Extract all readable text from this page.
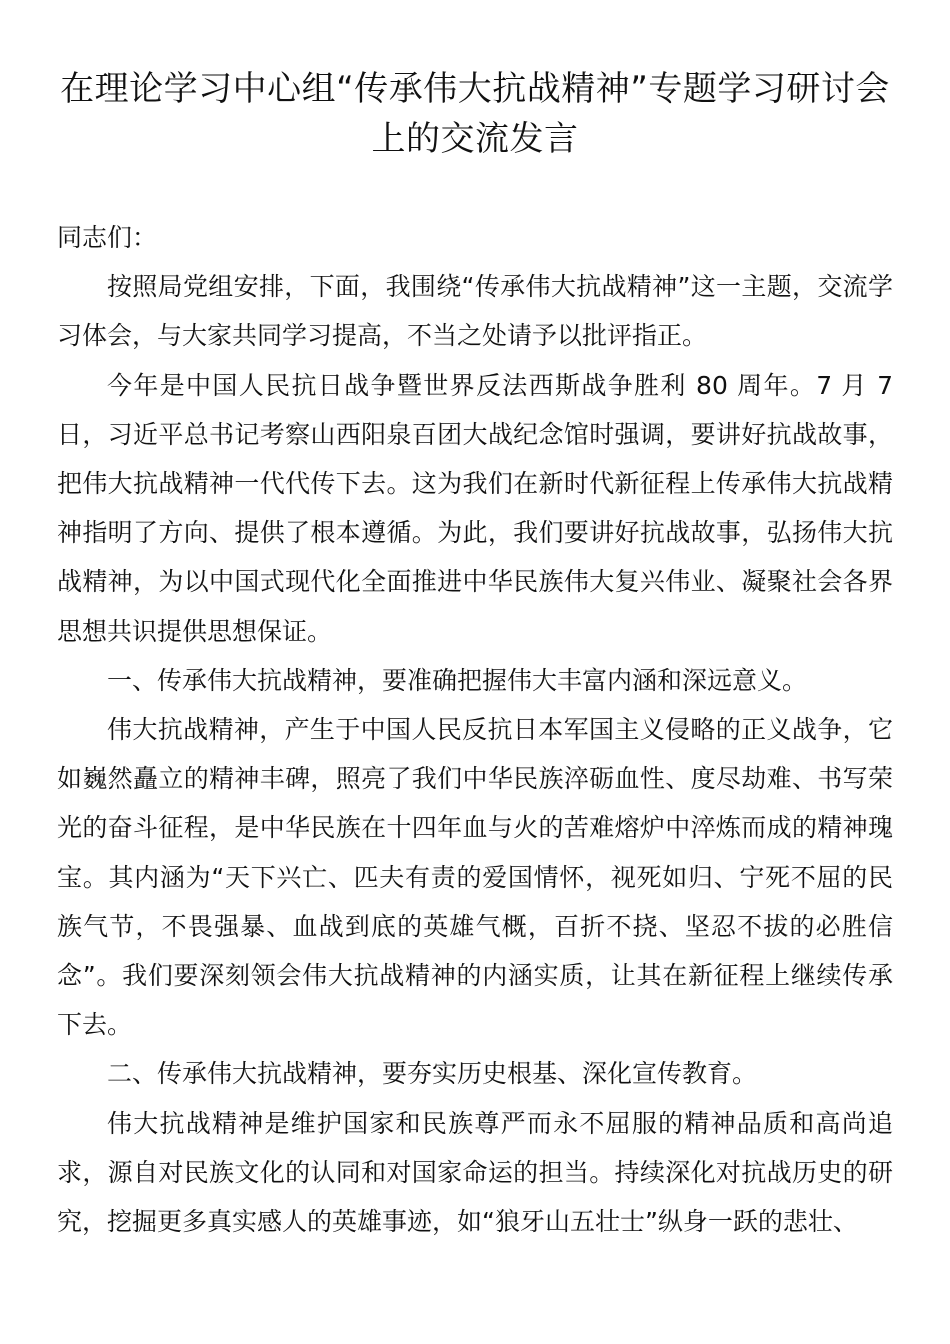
在理论学习中心组“传承伟大抗战精神”专题学习研讨会上的交流发言

同志们：

按照局党组安排，下面，我围绕“传承伟大抗战精神”这一主题，交流学习体会，与大家共同学习提高，不当之处请予以批评指正。

今年是中国人民抗日战争暨世界反法西斯战争胜利 80 周年。7 月 7 日，习近平总书记考察山西阳泉百团大战纪念馆时强调，要讲好抗战故事，把伟大抗战精神一代代传下去。这为我们在新时代新征程上传承伟大抗战精神指明了方向、提供了根本遵循。为此，我们要讲好抗战故事，弘扬伟大抗战精神，为以中国式现代化全面推进中华民族伟大复兴伟业、凝聚社会各界思想共识提供思想保证。

一、传承伟大抗战精神，要准确把握伟大丰富内涵和深远意义。

伟大抗战精神，产生于中国人民反抗日本军国主义侵略的正义战争，它如巍然矗立的精神丰碑，照亮了我们中华民族淬砺血性、度尽劫难、书写荣光的奋斗征程，是中华民族在十四年血与火的苦难熔炉中淬炼而成的精神瑰宝。其内涵为“天下兴亡、匹夫有责的爱国情怀，视死如归、宁死不屈的民族气节，不畏强暴、血战到底的英雄气概，百折不挠、坚忍不拔的必胜信念”。我们要深刻领会伟大抗战精神的内涵实质，让其在新征程上继续传承下去。

二、传承伟大抗战精神，要夯实历史根基、深化宣传教育。

伟大抗战精神是维护国家和民族尊严而永不屈服的精神品质和高尚追求，源自对民族文化的认同和对国家命运的担当。持续深化对抗战历史的研究，挖掘更多真实感人的英雄事迹，如“狼牙山五壮士”纵身一跃的悲壮、
